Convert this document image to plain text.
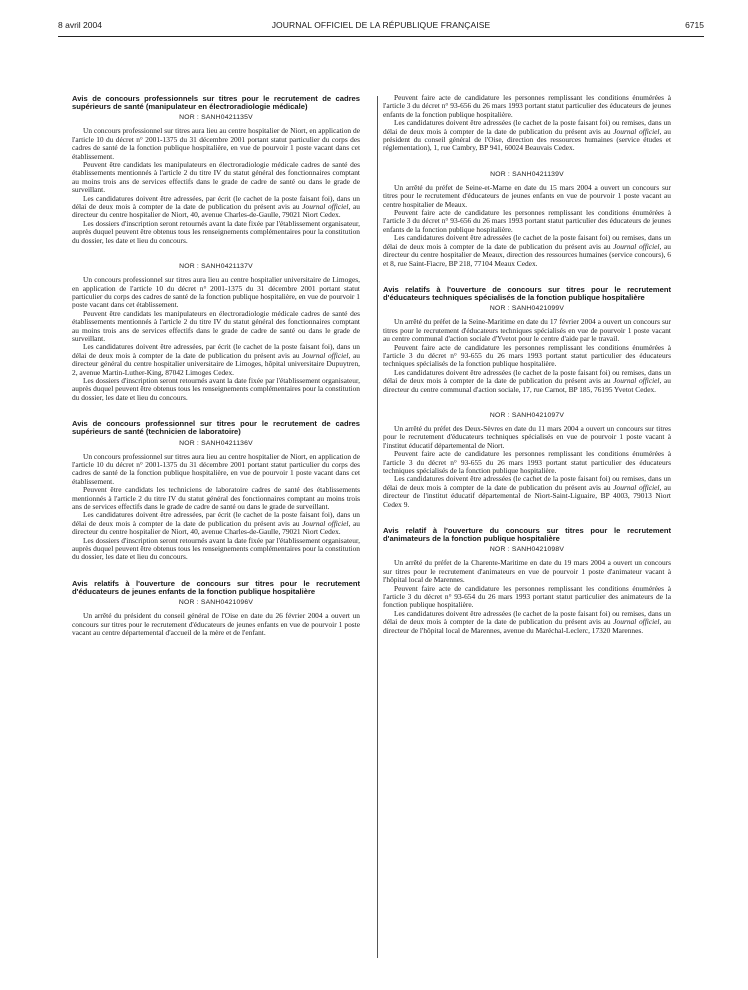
8 avril 2004	JOURNAL OFFICIEL DE LA RÉPUBLIQUE FRANÇAISE	6715
Avis de concours professionnels sur titres pour le recrutement de cadres supérieurs de santé (manipulateur en électroradiologie médicale)
NOR : SANH0421135V

Un concours professionnel sur titres aura lieu au centre hospitalier de Niort, en application de l'article 10 du décret n° 2001-1375 du 31 décembre 2001 portant statut particulier du corps des cadres de santé de la fonction publique hospitalière, en vue de pourvoir 1 poste vacant dans cet établissement.

Peuvent être candidats les manipulateurs en électroradiologie médicale cadres de santé des établissements mentionnés à l'article 2 du titre IV du statut général des fonctionnaires comptant au moins trois ans de services effectifs dans le grade de cadre de santé ou dans le grade de surveillant.

Les candidatures doivent être adressées, par écrit (le cachet de la poste faisant foi), dans un délai de deux mois à compter de la date de publication du présent avis au Journal officiel, au directeur du centre hospitalier de Niort, 40, avenue Charles-de-Gaulle, 79021 Niort Cedex.

Les dossiers d'inscription seront retournés avant la date fixée par l'établissement organisateur, auprès duquel peuvent être obtenus tous les renseignements complémentaires pour la constitution du dossier, les date et lieu du concours.

NOR : SANH0421137V

Un concours professionnel sur titres aura lieu au centre hospitalier universitaire de Limoges, en application de l'article 10 du décret n° 2001-1375 du 31 décembre 2001 portant statut particulier du corps des cadres de santé de la fonction publique hospitalière, en vue de pourvoir 1 poste vacant dans cet établissement.

Peuvent être candidats les manipulateurs en électroradiologie médicale cadres de santé des établissements mentionnés à l'article 2 du titre IV du statut général des fonctionnaires comptant au moins trois ans de services effectifs dans le grade de cadre de santé ou dans le grade de surveillant.

Les candidatures doivent être adressées, par écrit (le cachet de la poste faisant foi), dans un délai de deux mois à compter de la date de publication du présent avis au Journal officiel, au directeur général du centre hospitalier universitaire de Limoges, hôpital universitaire Dupuytren, 2, avenue Martin-Luther-King, 87042 Limoges Cedex.

Les dossiers d'inscription seront retournés avant la date fixée par l'établissement organisateur, auprès duquel peuvent être obtenus tous les renseignements complémentaires pour la constitution du dossier, les date et lieu du concours.

Avis de concours professionnel sur titres pour le recrutement de cadres supérieurs de santé (technicien de laboratoire)
NOR : SANH0421136V

Un concours professionnel sur titres aura lieu au centre hospitalier de Niort, en application de l'article 10 du décret n° 2001-1375 du 31 décembre 2001 portant statut particulier du corps des cadres de santé de la fonction publique hospitalière, en vue de pourvoir 1 poste vacant dans cet établissement.

Peuvent être candidats les techniciens de laboratoire cadres de santé des établissements mentionnés à l'article 2 du titre IV du statut général des fonctionnaires comptant au moins trois ans de services effectifs dans le grade de cadre de santé ou dans le grade de surveillant.

Les candidatures doivent être adressées, par écrit (le cachet de la poste faisant foi), dans un délai de deux mois à compter de la date de publication du présent avis au Journal officiel, au directeur du centre hospitalier de Niort, 40, avenue Charles-de-Gaulle, 79021 Niort Cedex.

Les dossiers d'inscription seront retournés avant la date fixée par l'établissement organisateur, auprès duquel peuvent être obtenus tous les renseignements complémentaires pour la constitution du dossier, les date et lieu du concours.

Avis relatifs à l'ouverture de concours sur titres pour le recrutement d'éducateurs de jeunes enfants de la fonction publique hospitalière
NOR : SANH0421096V

Un arrêté du président du conseil général de l'Oise en date du 26 février 2004 a ouvert un concours sur titres pour le recrutement d'éducateurs de jeunes enfants en vue de pourvoir 1 poste vacant au centre départemental d'accueil de la mère et de l'enfant.

Peuvent faire acte de candidature les personnes remplissant les conditions énumérées à l'article 3 du décret n° 93-656 du 26 mars 1993 portant statut particulier des éducateurs de jeunes enfants de la fonction publique hospitalière.

Les candidatures doivent être adressées (le cachet de la poste faisant foi) ou remises, dans un délai de deux mois à compter de la date de publication du présent avis au Journal officiel, au président du conseil général de l'Oise, direction des ressources humaines (service études et réglementation), 1, rue Cambry, BP 941, 60024 Beauvais Cedex.

NOR : SANH0421139V

Un arrêté du préfet de Seine-et-Marne en date du 15 mars 2004 a ouvert un concours sur titres pour le recrutement d'éducateurs de jeunes enfants en vue de pourvoir 1 poste vacant au centre hospitalier de Meaux.

Peuvent faire acte de candidature les personnes remplissant les conditions énumérées à l'article 3 du décret n° 93-656 du 26 mars 1993 portant statut particulier des éducateurs de jeunes enfants de la fonction publique hospitalière.

Les candidatures doivent être adressées (le cachet de la poste faisant foi) ou remises, dans un délai de deux mois à compter de la date de publication du présent avis au Journal officiel, au directeur du centre hospitalier de Meaux, direction des ressources humaines (service concours), 6 et 8, rue Saint-Fiacre, BP 218, 77104 Meaux Cedex.

Avis relatifs à l'ouverture de concours sur titres pour le recrutement d'éducateurs techniques spécialisés de la fonction publique hospitalière
NOR : SANH0421099V

Un arrêté du préfet de la Seine-Maritime en date du 17 février 2004 a ouvert un concours sur titres pour le recrutement d'éducateurs techniques spécialisés en vue de pourvoir 1 poste vacant au centre communal d'action sociale d'Yvetot pour le centre d'aide par le travail.

Peuvent faire acte de candidature les personnes remplissant les conditions énumérées à l'article 3 du décret n° 93-655 du 26 mars 1993 portant statut particulier des éducateurs techniques spécialisés de la fonction publique hospitalière.

Les candidatures doivent être adressées (le cachet de la poste faisant foi) ou remises, dans un délai de deux mois à compter de la date de publication du présent avis au Journal officiel, au directeur du centre communal d'action sociale, 17, rue Carnot, BP 185, 76195 Yvetot Cedex.

NOR : SANH0421097V

Un arrêté du préfet des Deux-Sèvres en date du 11 mars 2004 a ouvert un concours sur titres pour le recrutement d'éducateurs techniques spécialisés en vue de pourvoir 1 poste vacant à l'institut éducatif départemental de Niort.

Peuvent faire acte de candidature les personnes remplissant les conditions énumérées à l'article 3 du décret n° 93-655 du 26 mars 1993 portant statut particulier des éducateurs techniques spécialisés de la fonction publique hospitalière.

Les candidatures doivent être adressées (le cachet de la poste faisant foi) ou remises, dans un délai de deux mois à compter de la date de publication du présent avis au Journal officiel, au directeur de l'institut éducatif départemental de Niort-Saint-Liguaire, BP 4003, 79013 Niort Cedex 9.

Avis relatif à l'ouverture du concours sur titres pour le recrutement d'animateurs de la fonction publique hospitalière
NOR : SANH0421098V

Un arrêté du préfet de la Charente-Maritime en date du 19 mars 2004 a ouvert un concours sur titres pour le recrutement d'animateurs en vue de pourvoir 1 poste d'animateur vacant à l'hôpital local de Marennes.

Peuvent faire acte de candidature les personnes remplissant les conditions énumérées à l'article 3 du décret n° 93-654 du 26 mars 1993 portant statut particulier des animateurs de la fonction publique hospitalière.

Les candidatures doivent être adressées (le cachet de la poste faisant foi) ou remises, dans un délai de deux mois à compter de la date de publication du présent avis au Journal officiel, au directeur de l'hôpital local de Marennes, avenue du Maréchal-Leclerc, 17320 Marennes.
